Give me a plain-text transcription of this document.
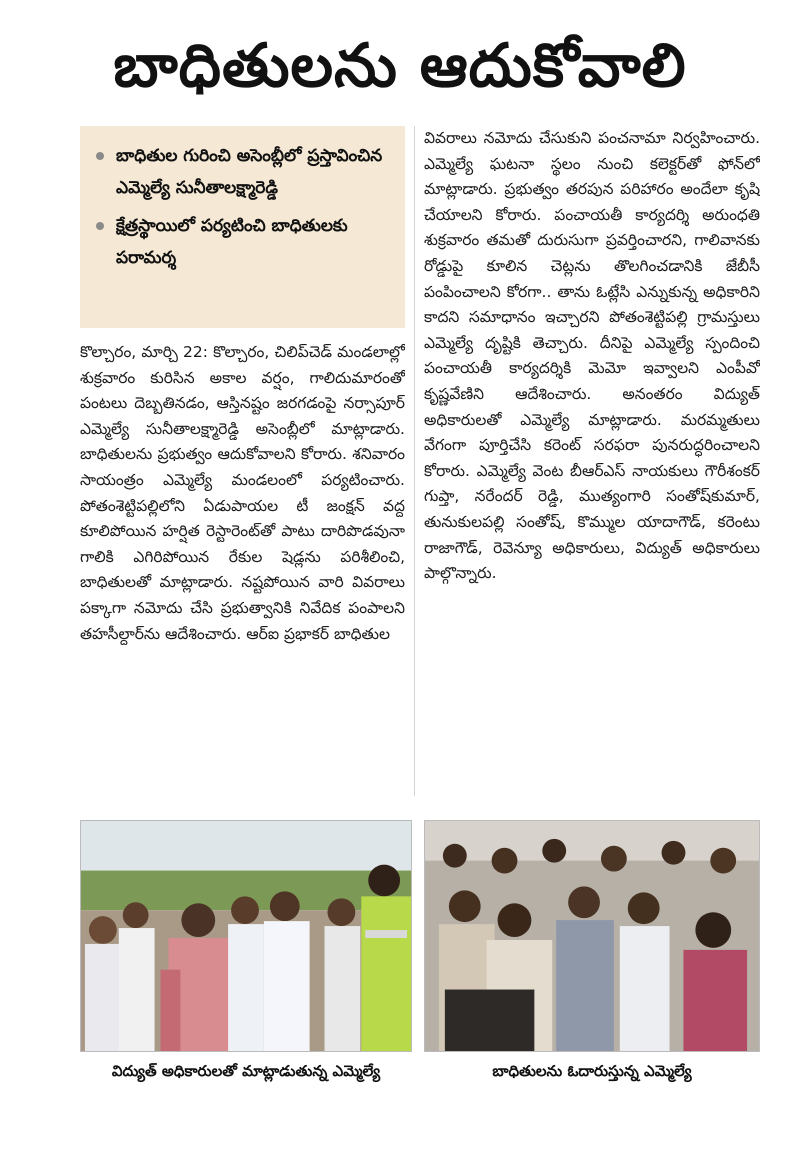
బాధితులను ఆదుకోవాలి
బాధితుల గురించి అసెంబ్లీలో ప్రస్తావించిన ఎమ్మెల్యే సునీతాలక్ష్మారెడ్డి
క్షేత్రస్థాయిలో పర్యటించి బాధితులకు పరామర్శ
కొల్చారం, మార్చి 22: కొల్చారం, చిలిప్‌చెడ్ మండలాల్లో శుక్రవారం కురిసిన అకాల వర్షం, గాలిదుమారంతో పంటలు దెబ్బతినడం, ఆస్తినష్టం జరగడంపై నర్సాపూర్ ఎమ్మెల్యే సునీతాలక్ష్మారెడ్డి అసెంబ్లీలో మాట్లాడారు. బాధితులను ప్రభుత్వం ఆదుకోవాలని కోరారు. శనివారం సాయంత్రం ఎమ్మెల్యే మండలంలో పర్యటించారు. పోతంశెట్టిపల్లిలోని ఏడుపాయల టీ జంక్షన్ వద్ద కూలిపోయిన హర్షిత రెస్టారెంట్‌తో పాటు దారిపొడవునా గాలికి ఎగిరిపోయిన రేకుల షెడ్లను పరిశీలించి, బాధితులతో మాట్లాడారు. నష్టపోయిన వారి వివరాలు పక్కాగా నమోదు చేసి ప్రభుత్వానికి నివేదిక పంపాలని తహసీల్దార్‌ను ఆదేశించారు. ఆర్ఐ ప్రభాకర్ బాధితుల
వివరాలు నమోదు చేసుకుని పంచనామా నిర్వహించారు. ఎమ్మెల్యే ఘటనా స్థలం నుంచి కలెక్టర్‌తో ఫోన్‌లో మాట్లాడారు. ప్రభుత్వం తరపున పరిహారం అందేలా కృషి చేయాలని కోరారు. పంచాయతీ కార్యదర్శి అరుంధతి శుక్రవారం తమతో దురుసుగా ప్రవర్తించారని, గాలివానకు రోడ్డుపై కూలిన చెట్లను తొలగించడానికి జేబీసీ పంపించాలని కోరగా.. తాను ఓట్లేసి ఎన్నుకున్న అధికారిని కాదని సమాధానం ఇచ్చారని పోతంశెట్టిపల్లి గ్రామస్తులు ఎమ్మెల్యే దృష్టికి తెచ్చారు. దీనిపై ఎమ్మెల్యే స్పందించి పంచాయతీ కార్యదర్శికి మెమో ఇవ్వాలని ఎంపీవో కృష్ణవేణిని ఆదేశించారు. అనంతరం విద్యుత్ అధికారులతో ఎమ్మెల్యే మాట్లాడారు. మరమ్మతులు వేగంగా పూర్తిచేసి కరెంట్ సరఫరా పునరుద్ధరించాలని కోరారు. ఎమ్మెల్యే వెంట బీఆర్ఎస్ నాయకులు గౌరీశంకర్ గుప్తా, నరేందర్ రెడ్డి, ముత్యంగారి సంతోష్‌కుమార్, తునుకులపల్లి సంతోష్, కొమ్ముల యాదాగౌడ్, కరెంటు రాజాగౌడ్, రెవెన్యూ అధికారులు, విద్యుత్ అధికారులు పాల్గొన్నారు.
విద్యుత్ అధికారులతో మాట్లాడుతున్న ఎమ్మెల్యే	బాధితులను ఓదారుస్తున్న ఎమ్మెల్యే
